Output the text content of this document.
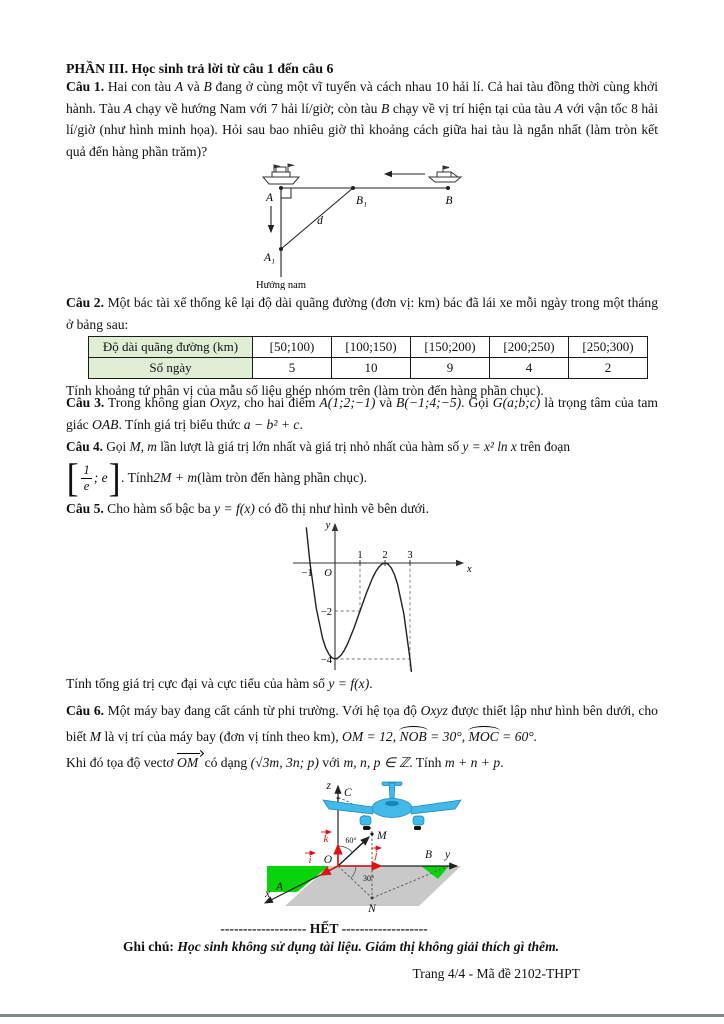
PHẦN III. Học sinh trả lời từ câu 1 đến câu 6

Câu 1. Hai con tàu A và B đang ở cùng một vĩ tuyến và cách nhau 10 hải lí. Cả hai tàu đồng thời cùng khởi hành. Tàu A chạy về hướng Nam với 7 hải lí/giờ; còn tàu B chạy về vị trí hiện tại của tàu A với vận tốc 8 hải lí/giờ (như hình minh họa). Hỏi sau bao nhiêu giờ thì khoảng cách giữa hai tàu là ngắn nhất (làm tròn kết quả đến hàng phần trăm)?

A	B₁	B
A₁
d
Hướng nam

Câu 2. Một bác tài xế thống kê lại độ dài quãng đường (đơn vị: km) bác đã lái xe mỗi ngày trong một tháng ở bảng sau:

Độ dài quãng đường (km)	[50;100)	[100;150)	[150;200)	[200;250)	[250;300)
Số ngày	5	10	9	4	2

Tính khoảng tứ phân vị của mẫu số liệu ghép nhóm trên (làm tròn đến hàng phần chục).

Câu 3. Trong không gian Oxyz, cho hai điểm A(1;2;−1) và B(−1;4;−5). Gọi G(a;b;c) là trọng tâm của tam giác OAB. Tính giá trị biểu thức a − b² + c.

Câu 4. Gọi M, m lần lượt là giá trị lớn nhất và giá trị nhỏ nhất của hàm số y = x² ln x trên đoạn

[ $\frac{1}{e}$ ; e ] . Tính 2M + m (làm tròn đến hàng phần chục).

Câu 5. Cho hàm số bậc ba y = f(x) có đồ thị như hình vẽ bên dưới.

y
x
O
−1
1 2 3
−2
−4

Tính tổng giá trị cực đại và cực tiểu của hàm số y = f(x).

Câu 6. Một máy bay đang cất cánh từ phi trường. Với hệ tọa độ Oxyz được thiết lập như hình bên dưới, cho biết M là vị trí của máy bay (đơn vị tính theo km), OM = 12, NOB = 30°, MOC = 60°.
Khi đó tọa độ vectơ OM có dạng (√3m, 3n; p) với m, n, p ∈ ℤ. Tính m + n + p.

k
j
i
z
y
x
O	B
A
C
M
N
60°
30°

------------------- HẾT -------------------

Ghi chú: Học sinh không sử dụng tài liệu. Giám thị không giải thích gì thêm.

Trang 4/4 - Mã đề 2102-THPT
